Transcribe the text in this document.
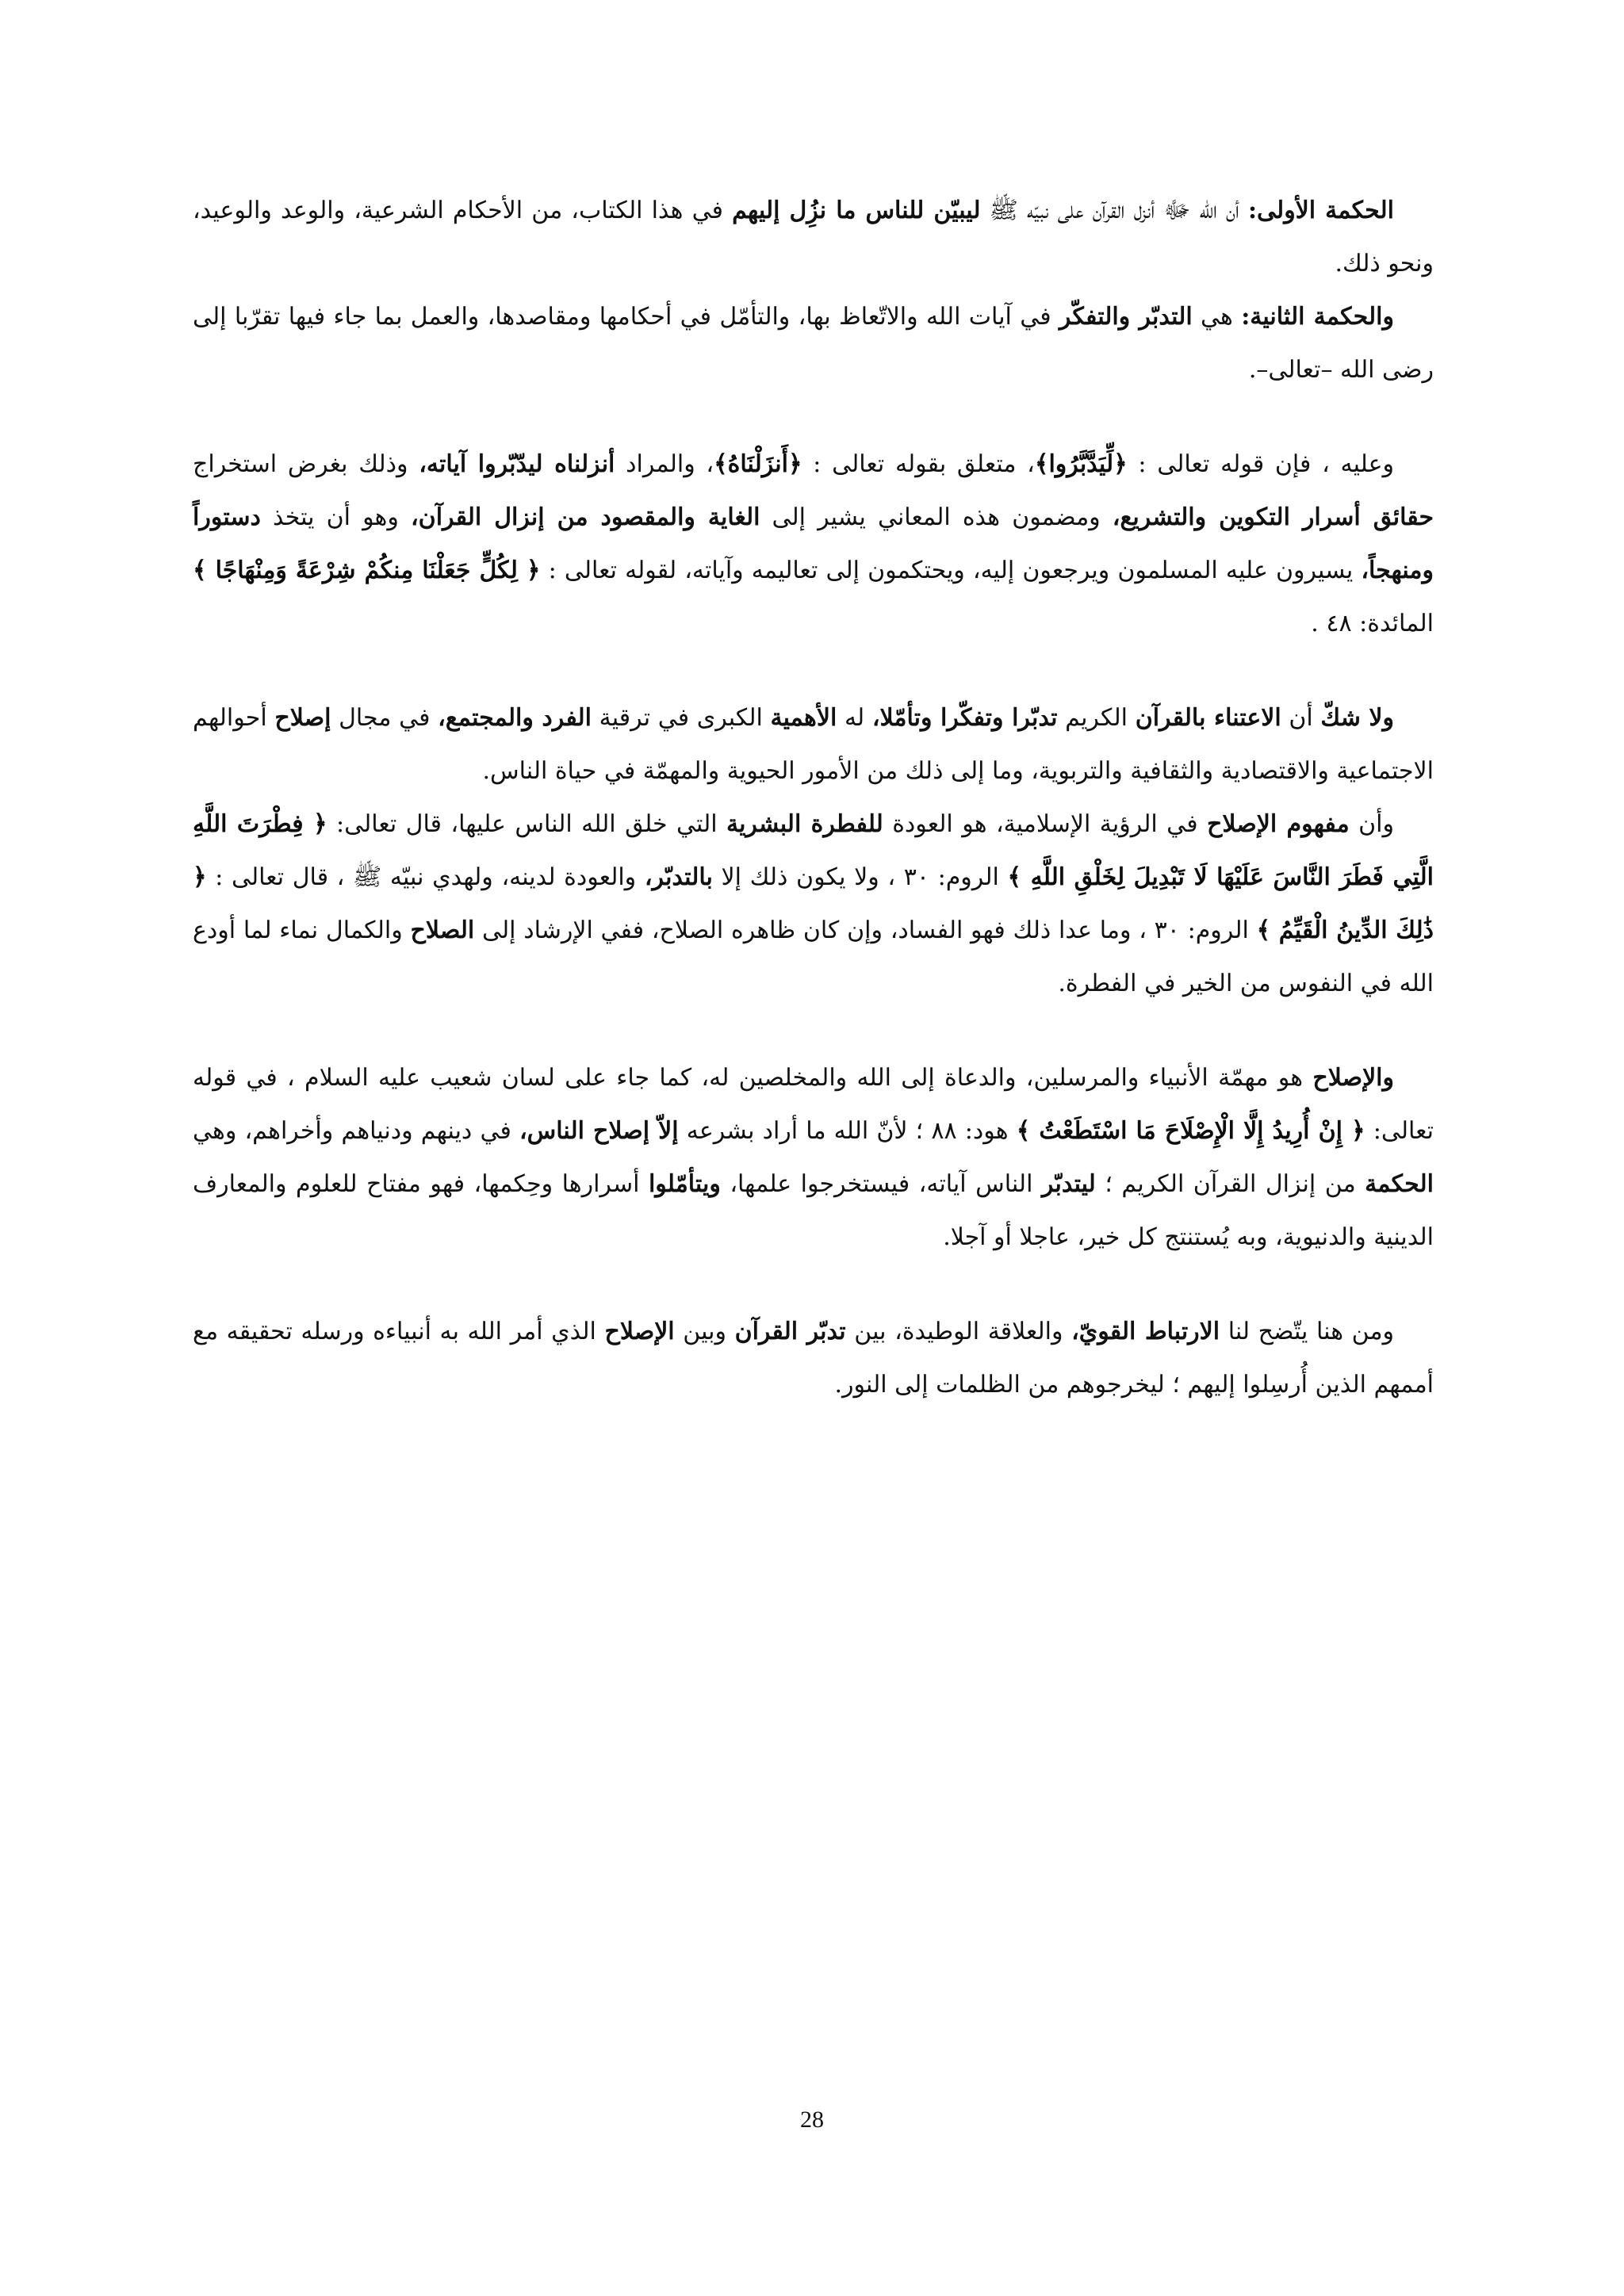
الحكمة الأولى: أن الله ﷻ أنزل القرآن على نبيّه ﷺ ليبيّن للناس ما نزُِل إليهم في هذا الكتاب، من الأحكام الشرعية، والوعد والوعيد، ونحو ذلك.

والحكمة الثانية: هي التدبّر والتفكّر في آيات الله والاتّعاظ بها، والتأمّل في أحكامها ومقاصدها، والعمل بما جاء فيها تقرّبا إلى رضى الله –تعالى–.

وعليه ، فإن قوله تعالى : ﴿لِّيَدَّبَّرُوا﴾، متعلق بقوله تعالى : ﴿أَنزَلْنَاهُ﴾، والمراد أنزلناه ليدّبّروا آياته، وذلك بغرض استخراج حقائق أسرار التكوين والتشريع، ومضمون هذه المعاني يشير إلى الغاية والمقصود من إنزال القرآن، وهو أن يتخذ دستوراً ومنهجاً، يسيرون عليه المسلمون ويرجعون إليه، ويحتكمون إلى تعاليمه وآياته، لقوله تعالى : ﴿ لِكُلٍّ جَعَلْنَا مِنكُمْ شِرْعَةً وَمِنْهَاجًا ﴾ المائدة: ٤٨ .

ولا شكّ أن الاعتناء بالقرآن الكريم تدبّرا وتفكّرا وتأمّلا، له الأهمية الكبرى في ترقية الفرد والمجتمع، في مجال إصلاح أحوالهم الاجتماعية والاقتصادية والثقافية والتربوية، وما إلى ذلك من الأمور الحيوية والمهمّة في حياة الناس.

وأن مفهوم الإصلاح في الرؤية الإسلامية، هو العودة للفطرة البشرية التي خلق الله الناس عليها، قال تعالى: ﴿ فِطْرَتَ اللَّهِ الَّتِي فَطَرَ النَّاسَ عَلَيْهَا لَا تَبْدِيلَ لِخَلْقِ اللَّهِ ﴾ الروم: ٣٠ ، ولا يكون ذلك إلا بالتدبّر، والعودة لدينه، ولهدي نبيّه ﷺ ، قال تعالى : ﴿ ذَٰلِكَ الدِّينُ الْقَيِّمُ ﴾ الروم: ٣٠ ، وما عدا ذلك فهو الفساد، وإن كان ظاهره الصلاح، ففي الإرشاد إلى الصلاح والكمال نماء لما أودع الله في النفوس من الخير في الفطرة.

والإصلاح هو مهمّة الأنبياء والمرسلين، والدعاة إلى الله والمخلصين له، كما جاء على لسان شعيب عليه السلام ، في قوله تعالى: ﴿ إِنْ أُرِيدُ إِلَّا الْإِصْلَاحَ مَا اسْتَطَعْتُ ﴾ هود: ٨٨ ؛ لأنّ الله ما أراد بشرعه إلاّ إصلاح الناس، في دينهم ودنياهم وأخراهم، وهي الحكمة من إنزال القرآن الكريم ؛ ليتدبّر الناس آياته، فيستخرجوا علمها، ويتأمّلوا أسرارها وحِكمها، فهو مفتاح للعلوم والمعارف الدينية والدنيوية، وبه يُستنتج كل خير، عاجلا أو آجلا.

ومن هنا يتّضح لنا الارتباط القويّ، والعلاقة الوطيدة، بين تدبّر القرآن وبين الإصلاح الذي أمر الله به أنبياءه ورسله تحقيقه مع أممهم الذين أُرسِلوا إليهم ؛ ليخرجوهم من الظلمات إلى النور.

28
